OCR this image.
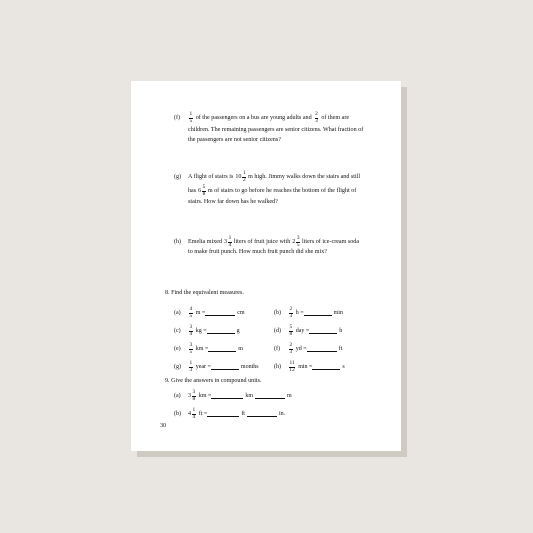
(f)	$\frac{1}{5}$ of the passengers on a bus are young adults and $\frac{2}{3}$ of them are
children. The remaining passengers are senior citizens. What fraction of
the passengers are not senior citizens?
(g)	A flight of stairs is $10 \frac{1}{2}$ m high. Jimmy walks down the stairs and still
has $6 \frac{5}{8}$ m of stairs to go before he reaches the bottom of the flight of
stairs. How far down has he walked?
(h)	Emelia mixed $3 \frac{1}{4}$ liters of fruit juice with $2 \frac{3}{5}$ liters of ice-cream soda
to make fruit punch. How much fruit punch did she mix?
8. Find the equivalent measures.
(a)	$\frac{4}{5}$ m =	cm	(b)	$\frac{2}{3}$ h =	min
(c)	$\frac{3}{4}$ kg =	g	(d)	$\frac{5}{8}$ day =	h
(e)	$\frac{3}{5}$ km =	m	(f)	$\frac{2}{3}$ yd =	ft
(g)	$\frac{1}{3}$ year =	months	(h)	$\frac{11}{12}$ min =	s
9. Give the answers in compound units.
(a)	$3 \frac{3}{8}$ km =	km	m
(b)	$4 \frac{1}{4}$ ft =	ft	in.
30
